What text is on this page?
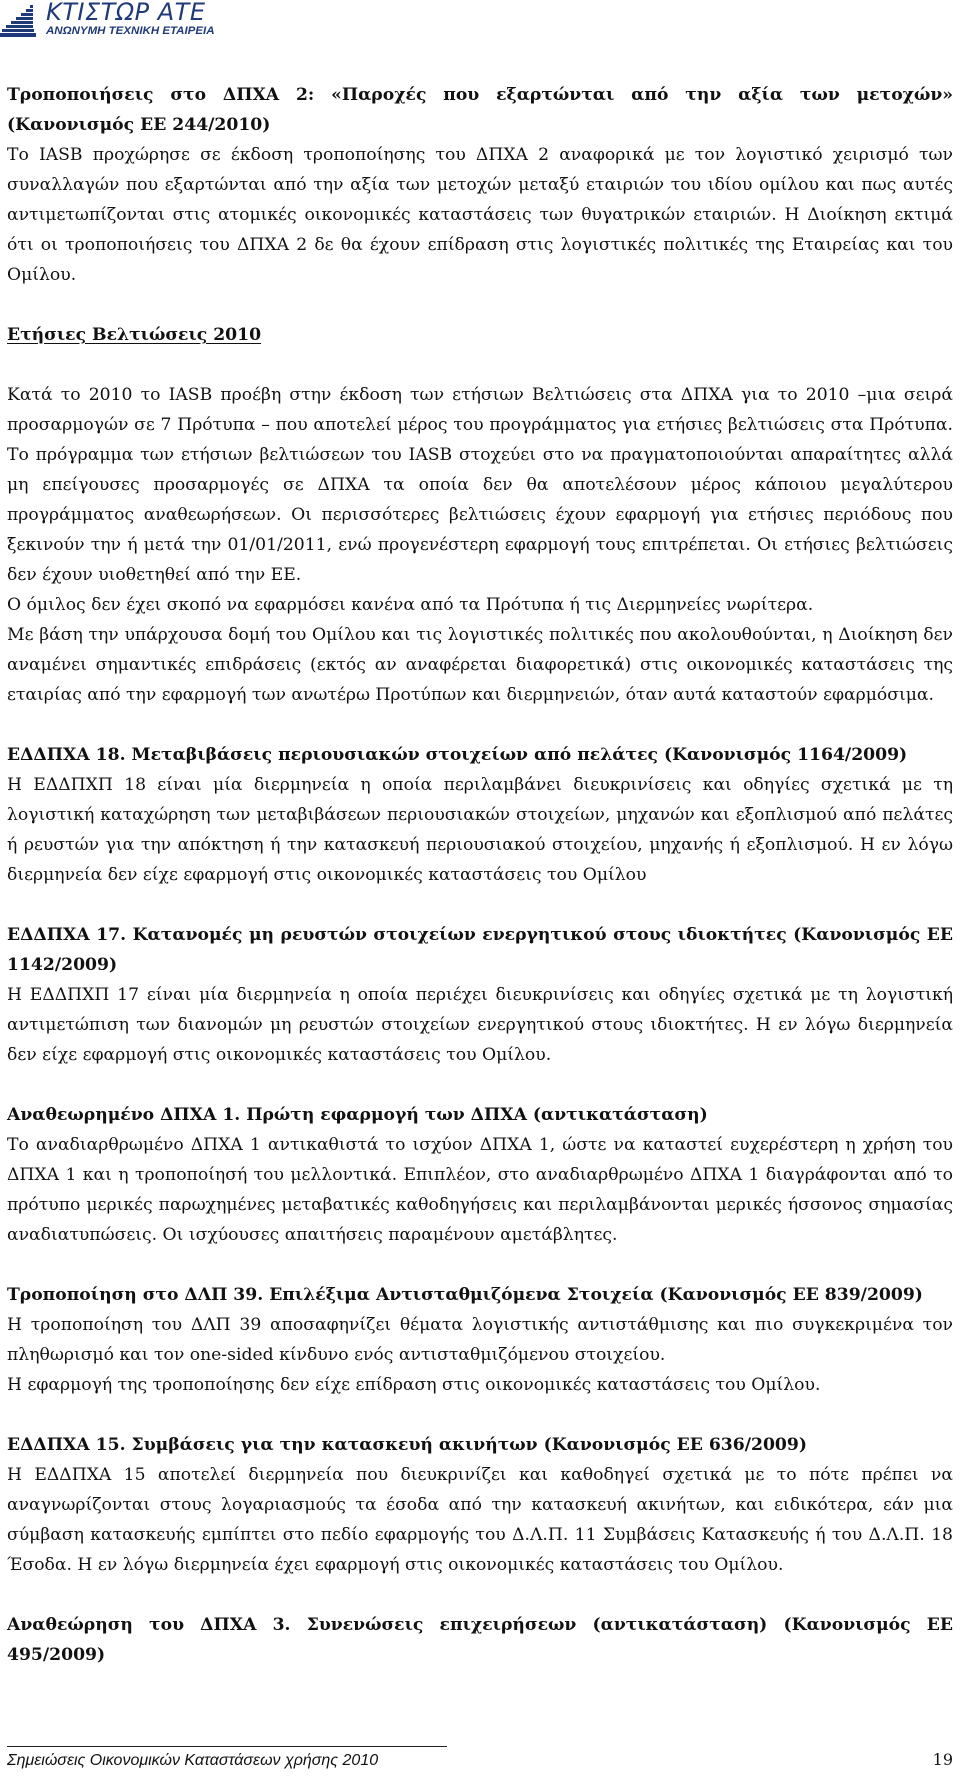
ΚΤΙΣΤΩΡ ΑΤΕ
ΑΝΩΝΥΜΗ ΤΕΧΝΙΚΗ ΕΤΑΙΡΕΙΑ

Τροποποιήσεις στο ΔΠΧΑ 2: «Παροχές που εξαρτώνται από την αξία των μετοχών» (Κανονισμός ΕΕ 244/2010)

Το IASB προχώρησε σε έκδοση τροποποίησης του ΔΠΧΑ 2 αναφορικά με τον λογιστικό χειρισμό των συναλλαγών που εξαρτώνται από την αξία των μετοχών μεταξύ εταιριών του ιδίου ομίλου και πως αυτές αντιμετωπίζονται στις ατομικές οικονομικές καταστάσεις των θυγατρικών εταιριών. Η Διοίκηση εκτιμά ότι οι τροποποιήσεις του ΔΠΧΑ 2 δε θα έχουν επίδραση στις λογιστικές πολιτικές της Εταιρείας και του Ομίλου.

Ετήσιες Βελτιώσεις 2010

Κατά το 2010 το IASB προέβη στην έκδοση των ετήσιων Βελτιώσεις στα ΔΠΧΑ για το 2010 –μια σειρά προσαρμογών σε 7 Πρότυπα – που αποτελεί μέρος του προγράμματος για ετήσιες βελτιώσεις στα Πρότυπα. Το πρόγραμμα των ετήσιων βελτιώσεων του IASB στοχεύει στο να πραγματοποιούνται απαραίτητες αλλά μη επείγουσες προσαρμογές σε ΔΠΧΑ τα οποία δεν θα αποτελέσουν μέρος κάποιου μεγαλύτερου προγράμματος αναθεωρήσεων. Οι περισσότερες βελτιώσεις έχουν εφαρμογή για ετήσιες περιόδους που ξεκινούν την ή μετά την 01/01/2011, ενώ προγενέστερη εφαρμογή τους επιτρέπεται. Οι ετήσιες βελτιώσεις δεν έχουν υιοθετηθεί από την ΕΕ.

Ο όμιλος δεν έχει σκοπό να εφαρμόσει κανένα από τα Πρότυπα ή τις Διερμηνείες νωρίτερα.

Με βάση την υπάρχουσα δομή του Ομίλου και τις λογιστικές πολιτικές που ακολουθούνται, η Διοίκηση δεν αναμένει σημαντικές επιδράσεις (εκτός αν αναφέρεται διαφορετικά) στις οικονομικές καταστάσεις της εταιρίας από την εφαρμογή των ανωτέρω Προτύπων και διερμηνειών, όταν αυτά καταστούν εφαρμόσιμα.

ΕΔΔΠΧΑ 18. Μεταβιβάσεις περιουσιακών στοιχείων από πελάτες (Κανονισμός 1164/2009)

Η ΕΔΔΠΧΠ 18 είναι μία διερμηνεία η οποία περιλαμβάνει διευκρινίσεις και οδηγίες σχετικά με τη λογιστική καταχώρηση των μεταβιβάσεων περιουσιακών στοιχείων, μηχανών και εξοπλισμού από πελάτες ή ρευστών για την απόκτηση ή την κατασκευή περιουσιακού στοιχείου, μηχανής ή εξοπλισμού. Η εν λόγω διερμηνεία δεν είχε εφαρμογή στις οικονομικές καταστάσεις του Ομίλου

ΕΔΔΠΧΑ 17. Κατανομές μη ρευστών στοιχείων ενεργητικού στους ιδιοκτήτες (Κανονισμός ΕΕ 1142/2009)

Η ΕΔΔΠΧΠ 17 είναι μία διερμηνεία η οποία περιέχει διευκρινίσεις και οδηγίες σχετικά με τη λογιστική αντιμετώπιση των διανομών μη ρευστών στοιχείων ενεργητικού στους ιδιοκτήτες. Η εν λόγω διερμηνεία δεν είχε εφαρμογή στις οικονομικές καταστάσεις του Ομίλου.

Αναθεωρημένο ΔΠΧΑ 1. Πρώτη εφαρμογή των ΔΠΧΑ (αντικατάσταση)

Το αναδιαρθρωμένο ΔΠΧΑ 1 αντικαθιστά το ισχύον ΔΠΧΑ 1, ώστε να καταστεί ευχερέστερη η χρήση του ΔΠΧΑ 1 και η τροποποίησή του μελλοντικά. Επιπλέον, στο αναδιαρθρωμένο ΔΠΧΑ 1 διαγράφονται από το πρότυπο μερικές παρωχημένες μεταβατικές καθοδηγήσεις και περιλαμβάνονται μερικές ήσσονος σημασίας αναδιατυπώσεις. Οι ισχύουσες απαιτήσεις παραμένουν αμετάβλητες.

Τροποποίηση στο ΔΛΠ 39. Επιλέξιμα Αντισταθμιζόμενα Στοιχεία (Κανονισμός ΕΕ 839/2009)

Η τροποποίηση του ΔΛΠ 39 αποσαφηνίζει θέματα λογιστικής αντιστάθμισης και πιο συγκεκριμένα τον πληθωρισμό και τον one-sided κίνδυνο ενός αντισταθμιζόμενου στοιχείου.

Η εφαρμογή της τροποποίησης δεν είχε επίδραση στις οικονομικές καταστάσεις του Ομίλου.

ΕΔΔΠΧΑ 15. Συμβάσεις για την κατασκευή ακινήτων (Κανονισμός ΕΕ 636/2009)

Η ΕΔΔΠΧΑ 15 αποτελεί διερμηνεία που διευκρινίζει και καθοδηγεί σχετικά με το πότε πρέπει να αναγνωρίζονται στους λογαριασμούς τα έσοδα από την κατασκευή ακινήτων, και ειδικότερα, εάν μια σύμβαση κατασκευής εμπίπτει στο πεδίο εφαρμογής του Δ.Λ.Π. 11 Συμβάσεις Κατασκευής ή του Δ.Λ.Π. 18 Έσοδα. Η εν λόγω διερμηνεία έχει εφαρμογή στις οικονομικές καταστάσεις του Ομίλου.

Αναθεώρηση του ΔΠΧΑ 3. Συνενώσεις επιχειρήσεων (αντικατάσταση) (Κανονισμός ΕΕ 495/2009)

Σημειώσεις Οικονομικών Καταστάσεων χρήσης 2010	19
